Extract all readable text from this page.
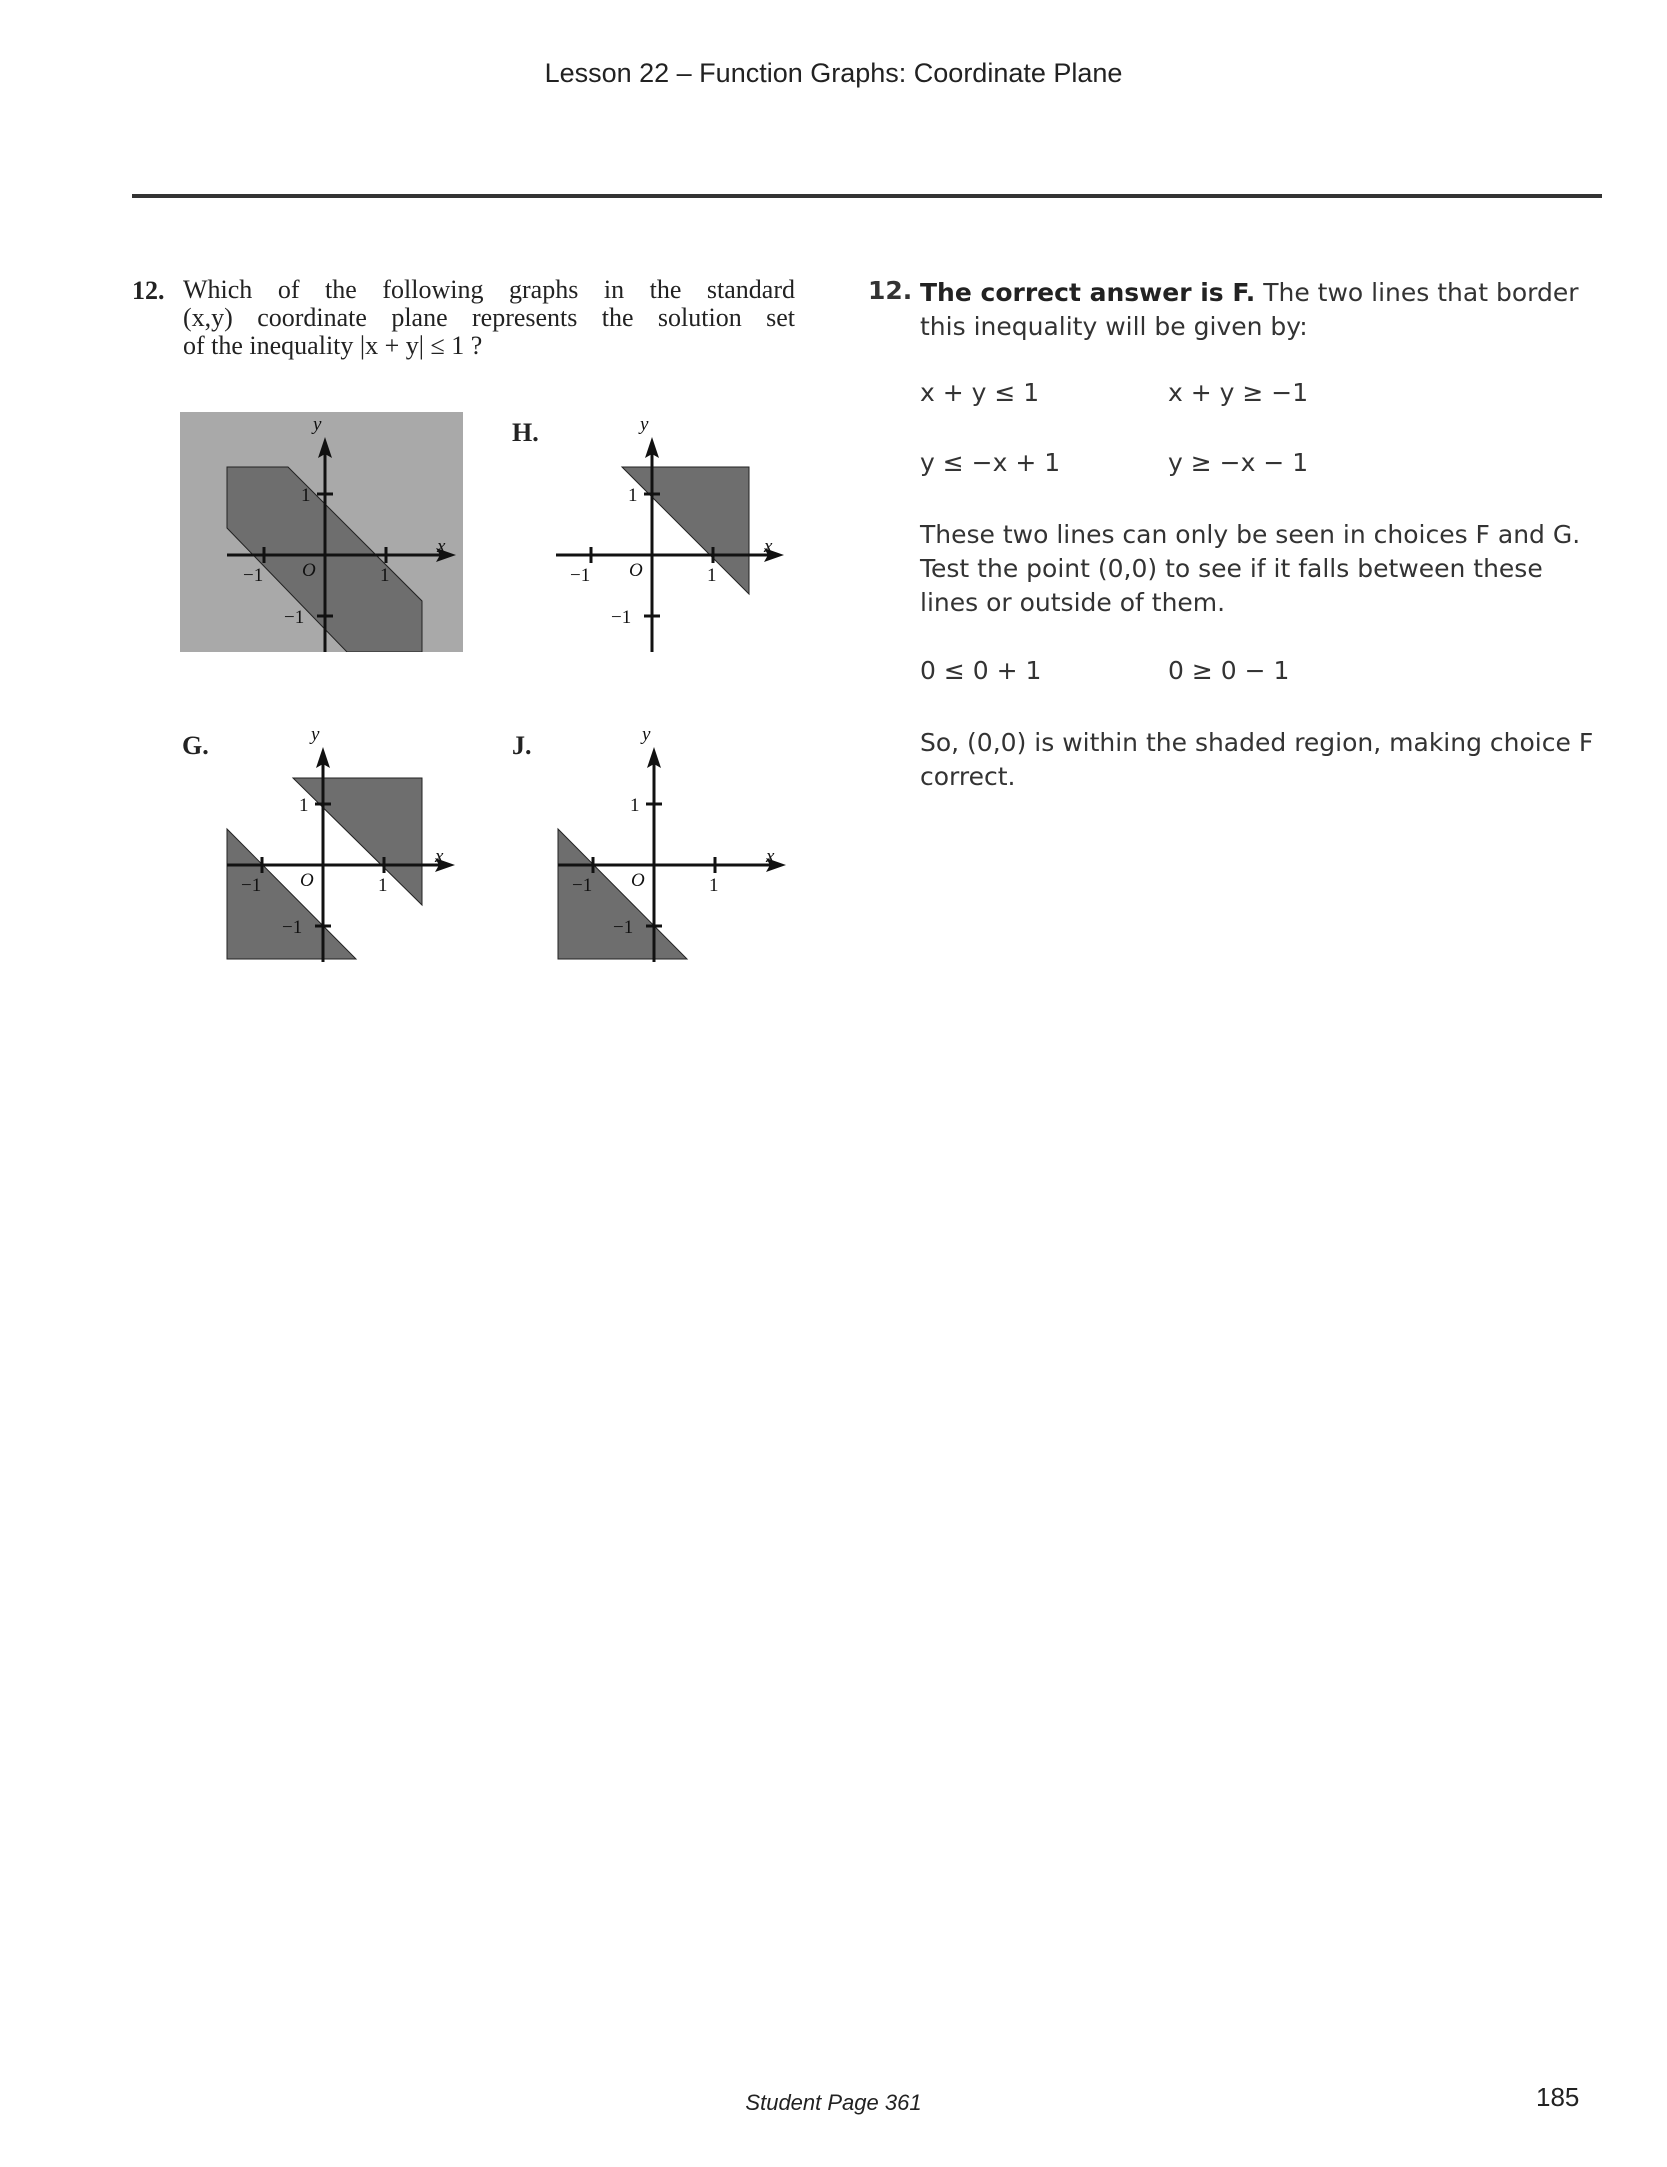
Lesson 22 – Function Graphs: Coordinate Plane
12. Which of the following graphs in the standard
(x,y) coordinate plane represents the solution set
of the inequality |x + y| ≤ 1 ?
H.
G.	J.
y
x
O
1
−1
−1	1
y
x
O
1
−1
−1	1
y
x
O
1
−1
−1	1
y
x
O
1
−1
−1	1
12. The correct answer is F. The two lines that border this inequality will be given by:
x + y ≤ 1	x + y ≥ −1
y ≤ −x + 1	y ≥ −x − 1
These two lines can only be seen in choices F and G. Test the point (0,0) to see if it falls between these lines or outside of them.
0 ≤ 0 + 1	0 ≥ 0 − 1
So, (0,0) is within the shaded region, making choice F correct.
Student Page 361	185
